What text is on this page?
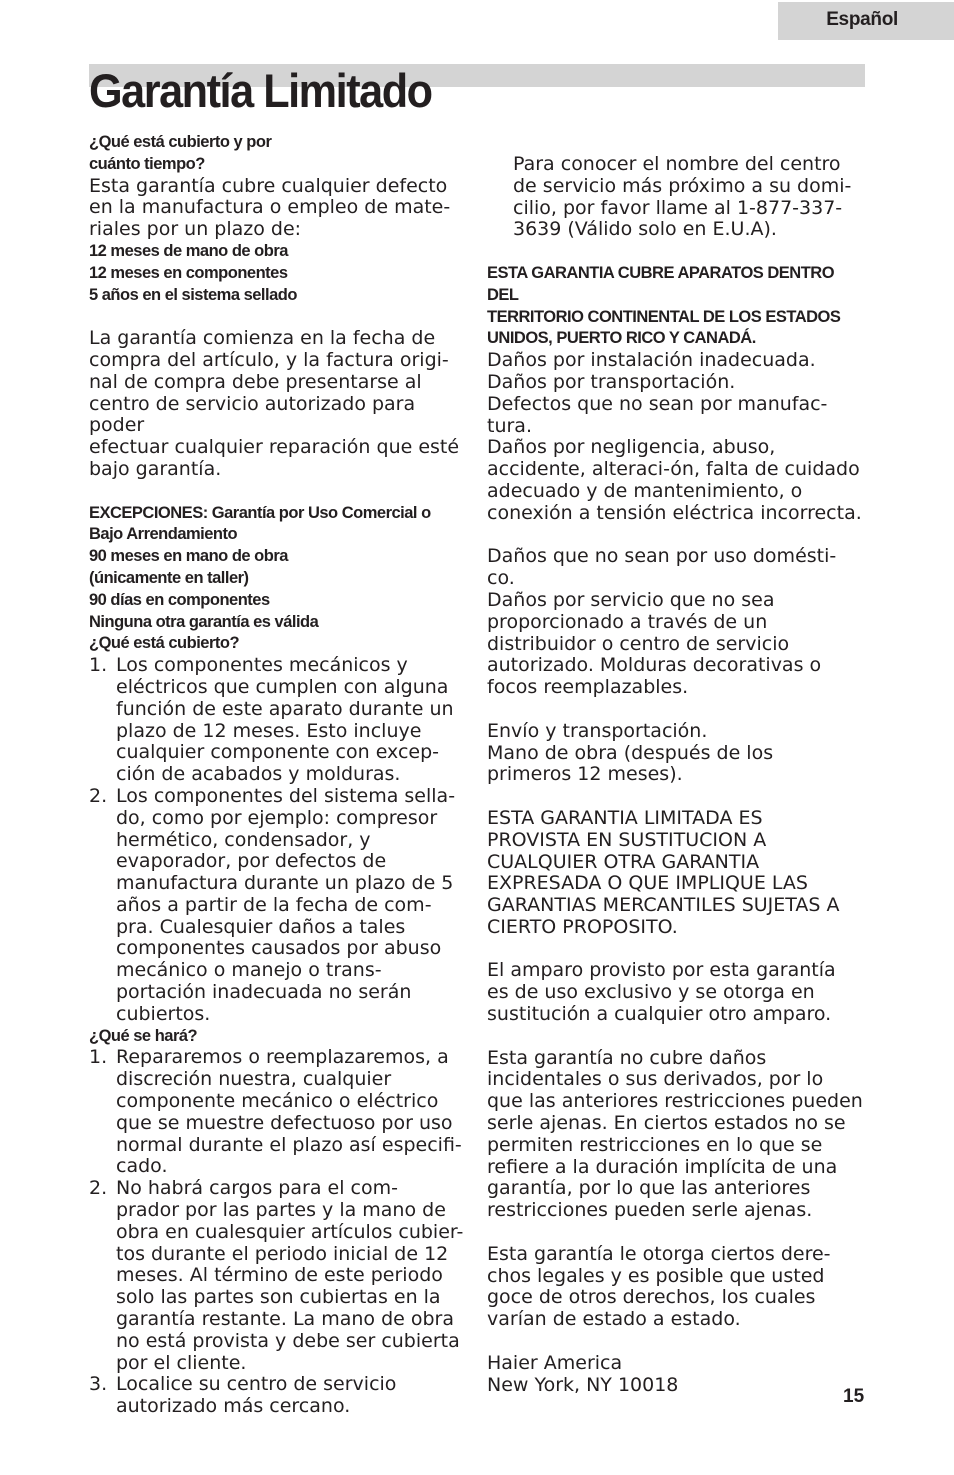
Español
Garantía Limitado

¿Qué está cubierto y por
cuánto tiempo?

Esta garantía cubre cualquier defecto
en la manufactura o empleo de mate-
riales por un plazo de:

12 meses de mano de obra
12 meses en componentes
5 años en el sistema sellado

La garantía comienza en la fecha de
compra del artículo, y la factura origi-
nal de compra debe presentarse al
centro de servicio autorizado para
poder
efectuar cualquier reparación que esté
bajo garantía.

EXCEPCIONES: Garantía por Uso Comercial o
Bajo Arrendamiento
90 meses en mano de obra
(únicamente en taller)
90 días en componentes
Ninguna otra garantía es válida
¿Qué está cubierto?

1. Los componentes mecánicos y
eléctricos que cumplen con alguna
función de este aparato durante un
plazo de 12 meses. Esto incluye
cualquier componente con excep-
ción de acabados y molduras.
2. Los componentes del sistema sella-
do, como por ejemplo: compresor
hermético, condensador, y
evaporador, por defectos de
manufactura durante un plazo de 5
años a partir de la fecha de com-
pra. Cualesquier daños a tales
componentes causados por abuso
mecánico o manejo o trans-
portación inadecuada no serán
cubiertos.

¿Qué se hará?

1. Repararemos o reemplazaremos, a
discreción nuestra, cualquier
componente mecánico o eléctrico
que se muestre defectuoso por uso
normal durante el plazo así especifi-
cado.
2. No habrá cargos para el com-
prador por las partes y la mano de
obra en cualesquier artículos cubier-
tos durante el periodo inicial de 12
meses. Al término de este periodo
solo las partes son cubiertas en la
garantía restante. La mano de obra
no está provista y debe ser cubierta
por el cliente.
3. Localice su centro de servicio
autorizado más cercano.

Para conocer el nombre del centro
de servicio más próximo a su domi-
cilio, por favor llame al 1-877-337-
3639 (Válido solo en E.U.A).

ESTA GARANTIA CUBRE APARATOS DENTRO DEL
TERRITORIO CONTINENTAL DE LOS ESTADOS
UNIDOS, PUERTO RICO Y CANADÁ.

Daños por instalación inadecuada.
Daños por transportación.
Defectos que no sean por manufac-
tura.
Daños por negligencia, abuso,
accidente, alteraci-ón, falta de cuidado
adecuado y de mantenimiento, o
conexión a tensión eléctrica incorrecta.

Daños que no sean por uso domésti-
co.
Daños por servicio que no sea
proporcionado a través de un
distribuidor o centro de servicio
autorizado. Molduras decorativas o
focos reemplazables.

Envío y transportación.
Mano de obra (después de los
primeros 12 meses).

ESTA GARANTIA LIMITADA ES
PROVISTA EN SUSTITUCION A
CUALQUIER OTRA GARANTIA
EXPRESADA O QUE IMPLIQUE LAS
GARANTIAS MERCANTILES SUJETAS A
CIERTO PROPOSITO.

El amparo provisto por esta garantía
es de uso exclusivo y se otorga en
sustitución a cualquier otro amparo.

Esta garantía no cubre daños
incidentales o sus derivados, por lo
que las anteriores restricciones pueden
serle ajenas. En ciertos estados no se
permiten restricciones en lo que se
refiere a la duración implícita de una
garantía, por lo que las anteriores
restricciones pueden serle ajenas.

Esta garantía le otorga ciertos dere-
chos legales y es posible que usted
goce de otros derechos, los cuales
varían de estado a estado.

Haier America
New York, NY 10018

15
